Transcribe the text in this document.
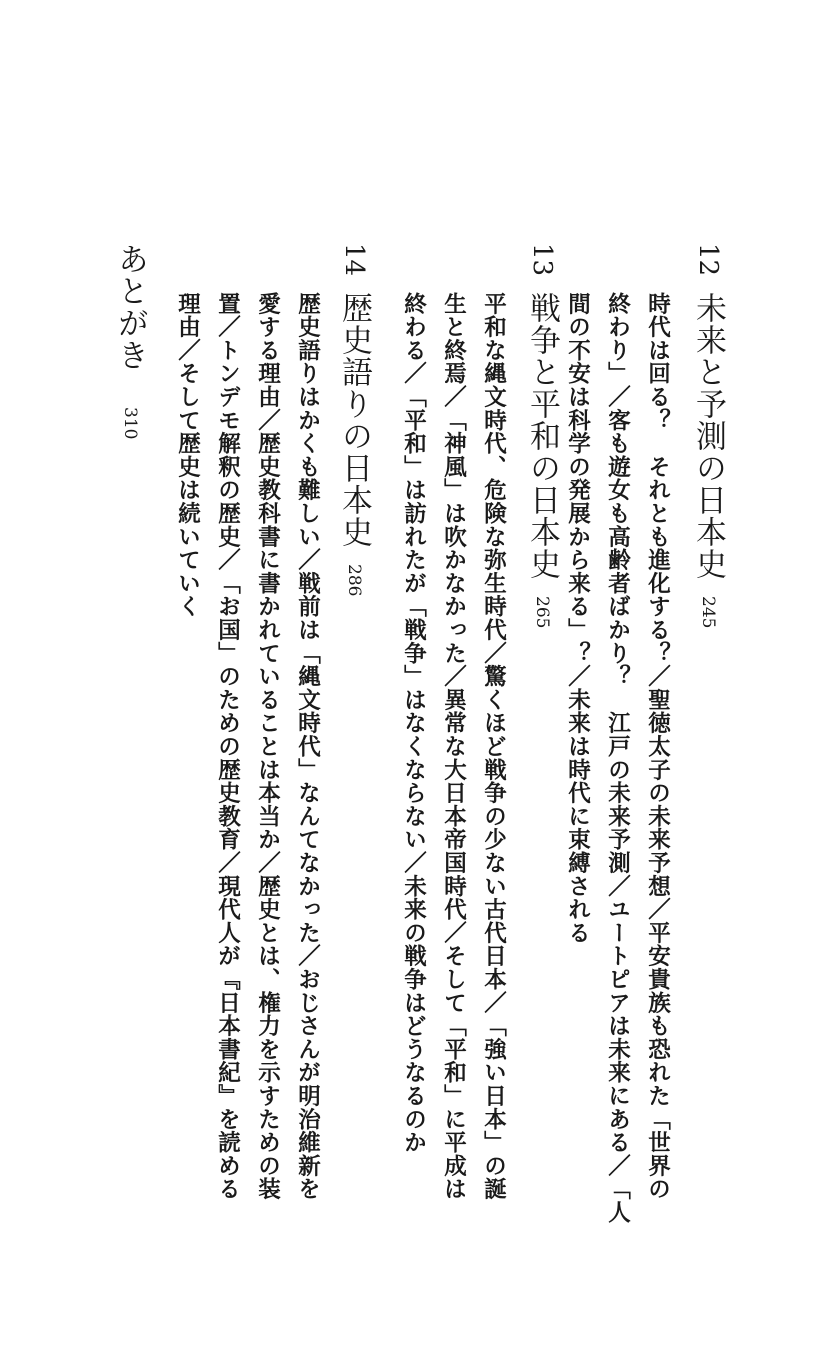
12未来と予測の日本史245
時代は回る？　それとも進化する？／聖徳太子の未来予想／平安貴族も恐れた「世界の
終わり」／客も遊女も高齢者ばかり？　江戸の未来予測／ユートピアは未来にある／「人
間の不安は科学の発展から来る」？／未来は時代に束縛される
13戦争と平和の日本史265
平和な縄文時代、危険な弥生時代／驚くほど戦争の少ない古代日本／「強い日本」の誕
生と終焉／「神風」は吹かなかった／異常な大日本帝国時代／そして「平和」に平成は
終わる／「平和」は訪れたが「戦争」はなくならない／未来の戦争はどうなるのか
14歴史語りの日本史286
歴史語りはかくも難しい／戦前は「縄文時代」なんてなかった／おじさんが明治維新を
愛する理由／歴史教科書に書かれていることは本当か／歴史とは、権力を示すための装
置／トンデモ解釈の歴史／「お国」のための歴史教育／現代人が『日本書紀』を読める
理由／そして歴史は続いていく
あとがき310
